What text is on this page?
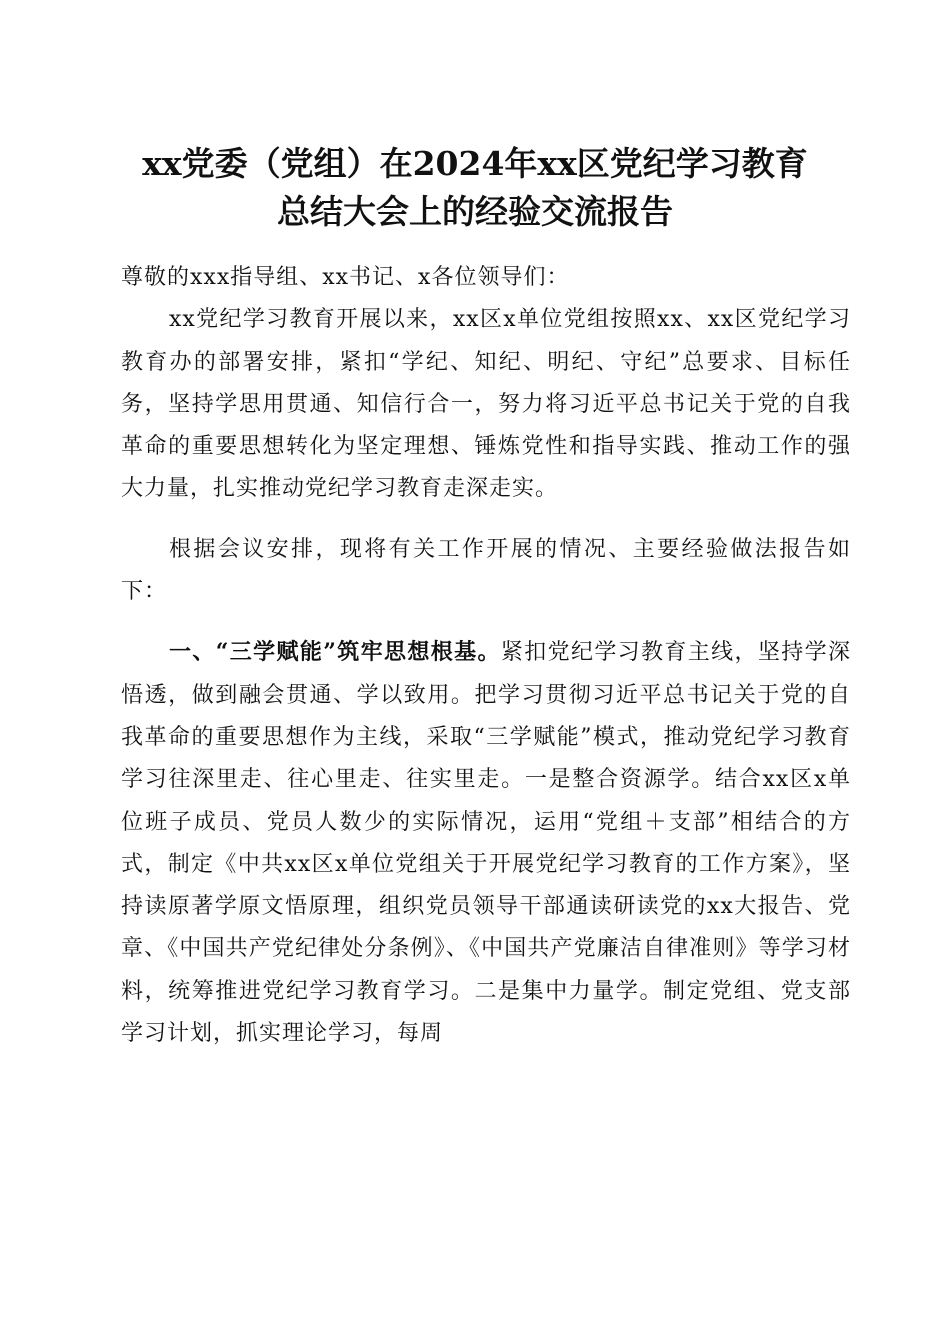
xx党委（党组）在2024年xx区党纪学习教育
总结大会上的经验交流报告

尊敬的xxx指导组、xx书记、x各位领导们：

xx党纪学习教育开展以来，xx区x单位党组按照xx、xx区党纪学习教育办的部署安排，紧扣“学纪、知纪、明纪、守纪”总要求、目标任务，坚持学思用贯通、知信行合一，努力将习近平总书记关于党的自我革命的重要思想转化为坚定理想、锤炼党性和指导实践、推动工作的强大力量，扎实推动党纪学习教育走深走实。

根据会议安排，现将有关工作开展的情况、主要经验做法报告如下：

一、“三学赋能”筑牢思想根基。紧扣党纪学习教育主线，坚持学深悟透，做到融会贯通、学以致用。把学习贯彻习近平总书记关于党的自我革命的重要思想作为主线，采取“三学赋能”模式，推动党纪学习教育学习往深里走、往心里走、往实里走。一是整合资源学。结合xx区x单位班子成员、党员人数少的实际情况，运用“党组＋支部”相结合的方式，制定《中共xx区x单位党组关于开展党纪学习教育的工作方案》，坚持读原著学原文悟原理，组织党员领导干部通读研读党的xx大报告、党章、《中国共产党纪律处分条例》、《中国共产党廉洁自律准则》等学习材料，统筹推进党纪学习教育学习。二是集中力量学。制定党组、党支部学习计划，抓实理论学习，每周
